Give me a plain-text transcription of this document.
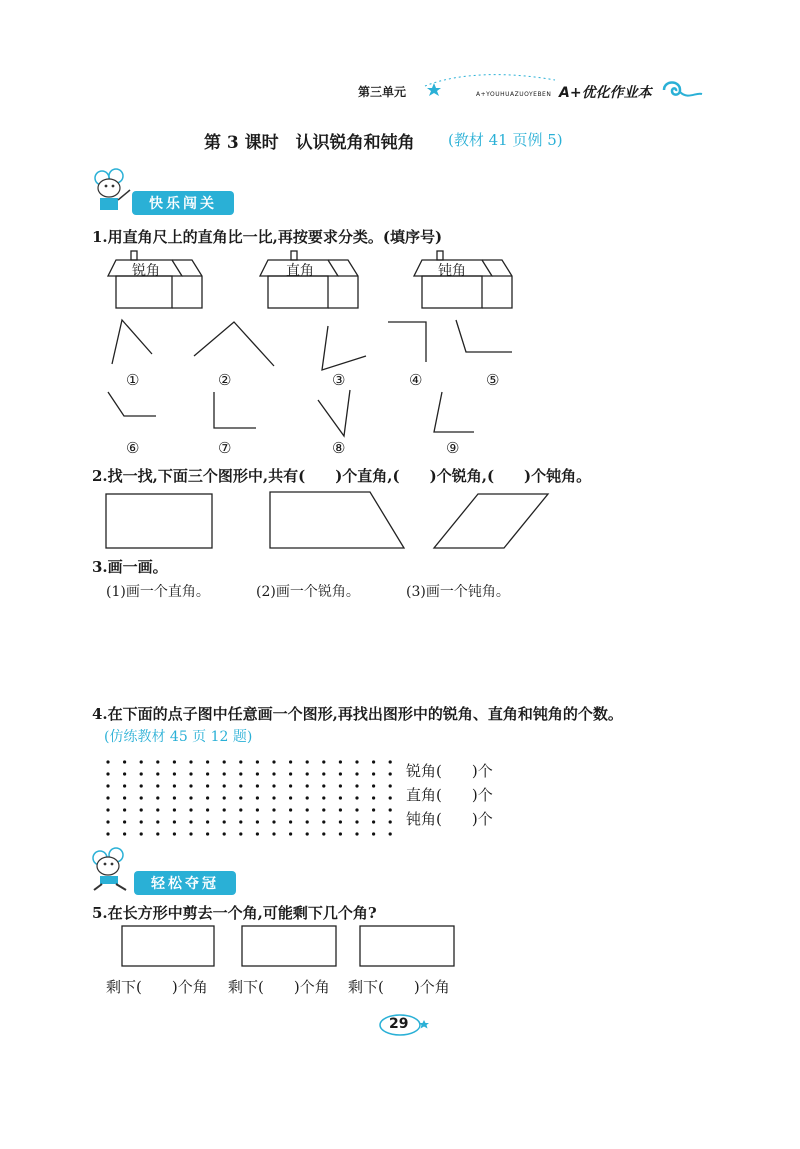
第三单元	A+YOUHUAZUOYEBEN A+优化作业本
第 3 课时　认识锐角和钝角 (教材 41 页例 5)
快乐闯关
1.用直角尺上的直角比一比,再按要求分类。(填序号)
锐角	直角	钝角
①	②	③	④	⑤
⑥	⑦	⑧	⑨
2.找一找,下面三个图形中,共有(　　)个直角,(　　)个锐角,(　　)个钝角。
3.画一画。
(1)画一个直角。	(2)画一个锐角。	(3)画一个钝角。
4.在下面的点子图中任意画一个图形,再找出图形中的锐角、直角和钝角的个数。
(仿练教材 45 页 12 题)
锐角(　　)个
直角(　　)个
钝角(　　)个
轻松夺冠
5.在长方形中剪去一个角,可能剩下几个角?
剩下(　　)个角 剩下(　　)个角 剩下(　　)个角
29
